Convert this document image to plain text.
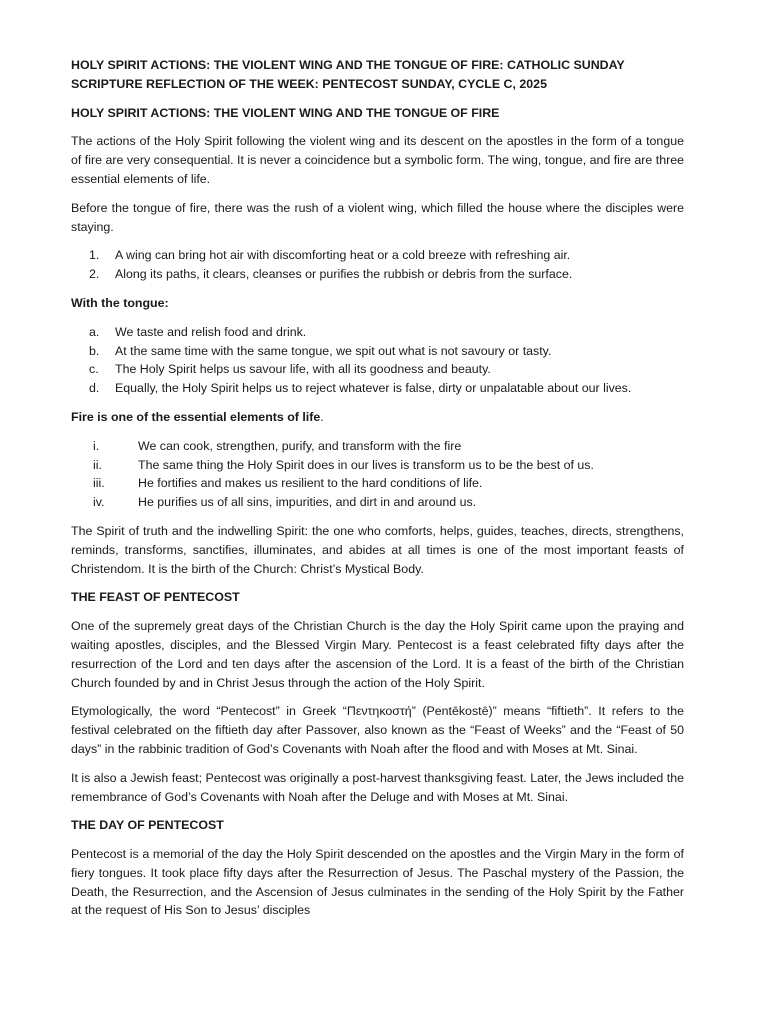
HOLY SPIRIT ACTIONS: THE VIOLENT WING AND THE TONGUE OF FIRE: CATHOLIC SUNDAY SCRIPTURE REFLECTION OF THE WEEK: PENTECOST SUNDAY, CYCLE C, 2025

HOLY SPIRIT ACTIONS: THE VIOLENT WING AND THE TONGUE OF FIRE

The actions of the Holy Spirit following the violent wing and its descent on the apostles in the form of a tongue of fire are very consequential. It is never a coincidence but a symbolic form. The wing, tongue, and fire are three essential elements of life.

Before the tongue of fire, there was the rush of a violent wing, which filled the house where the disciples were staying.

1.	A wing can bring hot air with discomforting heat or a cold breeze with refreshing air.
2.	Along its paths, it clears, cleanses or purifies the rubbish or debris from the surface.

With the tongue:

a.	We taste and relish food and drink.
b.	At the same time with the same tongue, we spit out what is not savoury or tasty.
c.	The Holy Spirit helps us savour life, with all its goodness and beauty.
d.	Equally, the Holy Spirit helps us to reject whatever is false, dirty or unpalatable about our lives.

Fire is one of the essential elements of life.

i.	We can cook, strengthen, purify, and transform with the fire
ii.	The same thing the Holy Spirit does in our lives is transform us to be the best of us.
iii.	He fortifies and makes us resilient to the hard conditions of life.
iv.	He purifies us of all sins, impurities, and dirt in and around us.

The Spirit of truth and the indwelling Spirit: the one who comforts, helps, guides, teaches, directs, strengthens, reminds, transforms, sanctifies, illuminates, and abides at all times is one of the most important feasts of Christendom. It is the birth of the Church: Christ’s Mystical Body.

THE FEAST OF PENTECOST

One of the supremely great days of the Christian Church is the day the Holy Spirit came upon the praying and waiting apostles, disciples, and the Blessed Virgin Mary. Pentecost is a feast celebrated fifty days after the resurrection of the Lord and ten days after the ascension of the Lord. It is a feast of the birth of the Christian Church founded by and in Christ Jesus through the action of the Holy Spirit.

Etymologically, the word “Pentecost” in Greek “Πεντηκοστή” (Pentēkostē)” means “fiftieth”. It refers to the festival celebrated on the fiftieth day after Passover, also known as the “Feast of Weeks” and the “Feast of 50 days” in the rabbinic tradition of God’s Covenants with Noah after the flood and with Moses at Mt. Sinai.

It is also a Jewish feast; Pentecost was originally a post-harvest thanksgiving feast. Later, the Jews included the remembrance of God’s Covenants with Noah after the Deluge and with Moses at Mt. Sinai.

THE DAY OF PENTECOST

Pentecost is a memorial of the day the Holy Spirit descended on the apostles and the Virgin Mary in the form of fiery tongues. It took place fifty days after the Resurrection of Jesus. The Paschal mystery of the Passion, the Death, the Resurrection, and the Ascension of Jesus culminates in the sending of the Holy Spirit by the Father at the request of His Son to Jesus’ disciples
